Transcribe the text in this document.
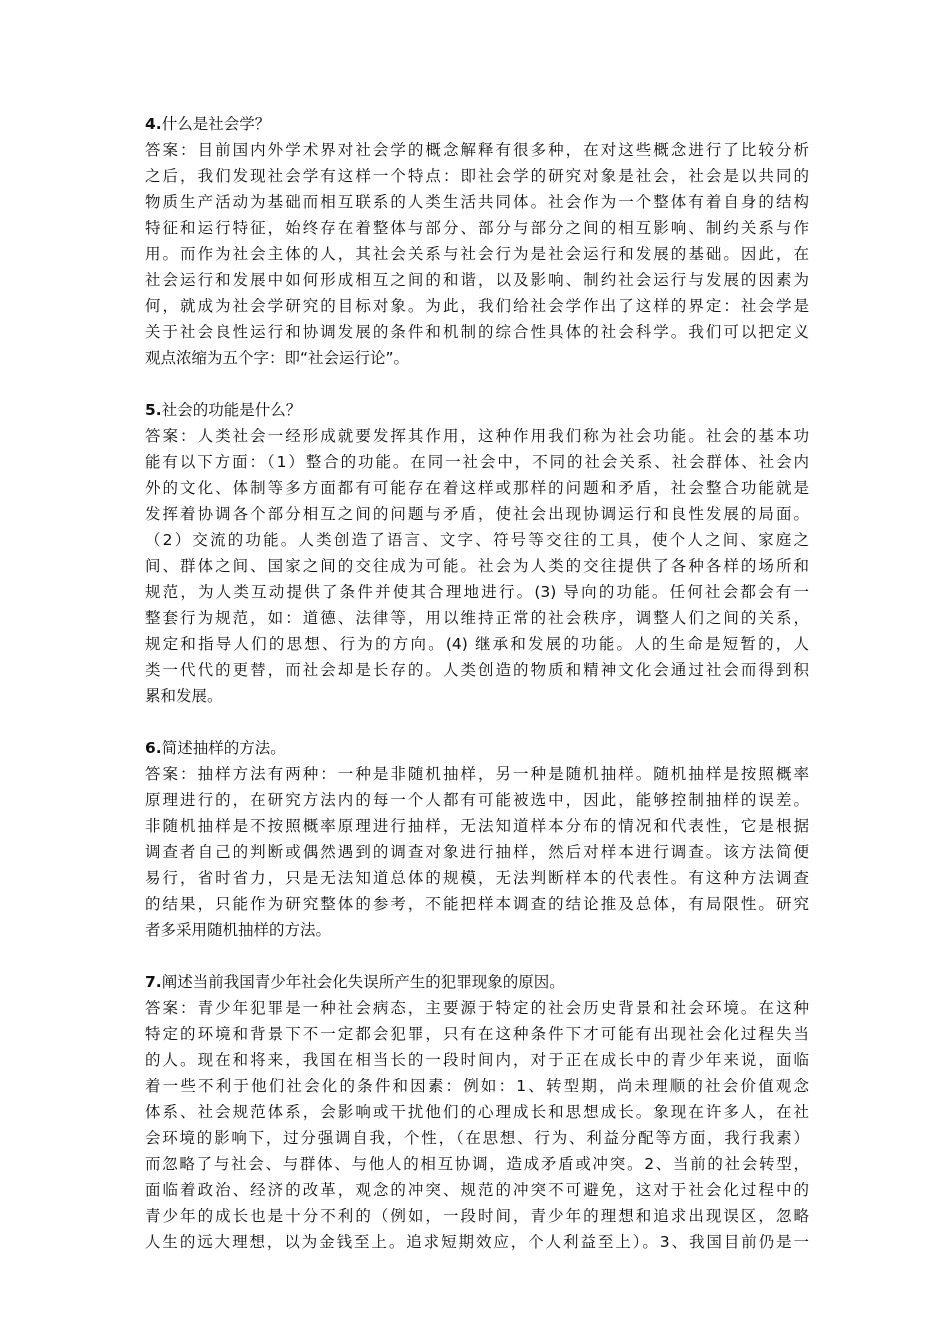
4.什么是社会学？
答案：目前国内外学术界对社会学的概念解释有很多种，在对这些概念进行了比较分析
之后，我们发现社会学有这样一个特点：即社会学的研究对象是社会，社会是以共同的
物质生产活动为基础而相互联系的人类生活共同体。社会作为一个整体有着自身的结构
特征和运行特征，始终存在着整体与部分、部分与部分之间的相互影响、制约关系与作
用。而作为社会主体的人，其社会关系与社会行为是社会运行和发展的基础。因此，在
社会运行和发展中如何形成相互之间的和谐，以及影响、制约社会运行与发展的因素为
何，就成为社会学研究的目标对象。为此，我们给社会学作出了这样的界定：社会学是
关于社会良性运行和协调发展的条件和机制的综合性具体的社会科学。我们可以把定义
观点浓缩为五个字：即“社会运行论”。
5.社会的功能是什么？
答案：人类社会一经形成就要发挥其作用，这种作用我们称为社会功能。社会的基本功
能有以下方面：（1）整合的功能。在同一社会中，不同的社会关系、社会群体、社会内
外的文化、体制等多方面都有可能存在着这样或那样的问题和矛盾，社会整合功能就是
发挥着协调各个部分相互之间的问题与矛盾，使社会出现协调运行和良性发展的局面。
（2）交流的功能。人类创造了语言、文字、符号等交往的工具，使个人之间、家庭之
间、群体之间、国家之间的交往成为可能。社会为人类的交往提供了各种各样的场所和
规范，为人类互动提供了条件并使其合理地进行。(3) 导向的功能。任何社会都会有一
整套行为规范，如：道德、法律等，用以维持正常的社会秩序，调整人们之间的关系，
规定和指导人们的思想、行为的方向。(4) 继承和发展的功能。人的生命是短暂的，人
类一代代的更替，而社会却是长存的。人类创造的物质和精神文化会通过社会而得到积
累和发展。
6.简述抽样的方法。
答案：抽样方法有两种：一种是非随机抽样，另一种是随机抽样。随机抽样是按照概率
原理进行的，在研究方法内的每一个人都有可能被选中，因此，能够控制抽样的误差。
非随机抽样是不按照概率原理进行抽样，无法知道样本分布的情况和代表性，它是根据
调查者自己的判断或偶然遇到的调查对象进行抽样，然后对样本进行调查。该方法简便
易行，省时省力，只是无法知道总体的规模，无法判断样本的代表性。有这种方法调查
的结果，只能作为研究整体的参考，不能把样本调查的结论推及总体，有局限性。研究
者多采用随机抽样的方法。
7.阐述当前我国青少年社会化失误所产生的犯罪现象的原因。
答案：青少年犯罪是一种社会病态，主要源于特定的社会历史背景和社会环境。在这种
特定的环境和背景下不一定都会犯罪，只有在这种条件下才可能有出现社会化过程失当
的人。现在和将来，我国在相当长的一段时间内，对于正在成长中的青少年来说，面临
着一些不利于他们社会化的条件和因素：例如：1、转型期，尚未理顺的社会价值观念
体系、社会规范体系，会影响或干扰他们的心理成长和思想成长。象现在许多人，在社
会环境的影响下，过分强调自我，个性，（在思想、行为、利益分配等方面，我行我素）
而忽略了与社会、与群体、与他人的相互协调，造成矛盾或冲突。2、当前的社会转型，
面临着政治、经济的改革，观念的冲突、规范的冲突不可避免，这对于社会化过程中的
青少年的成长也是十分不利的（例如，一段时间，青少年的理想和追求出现误区，忽略
人生的远大理想，以为金钱至上。追求短期效应，个人利益至上）。3、我国目前仍是一
